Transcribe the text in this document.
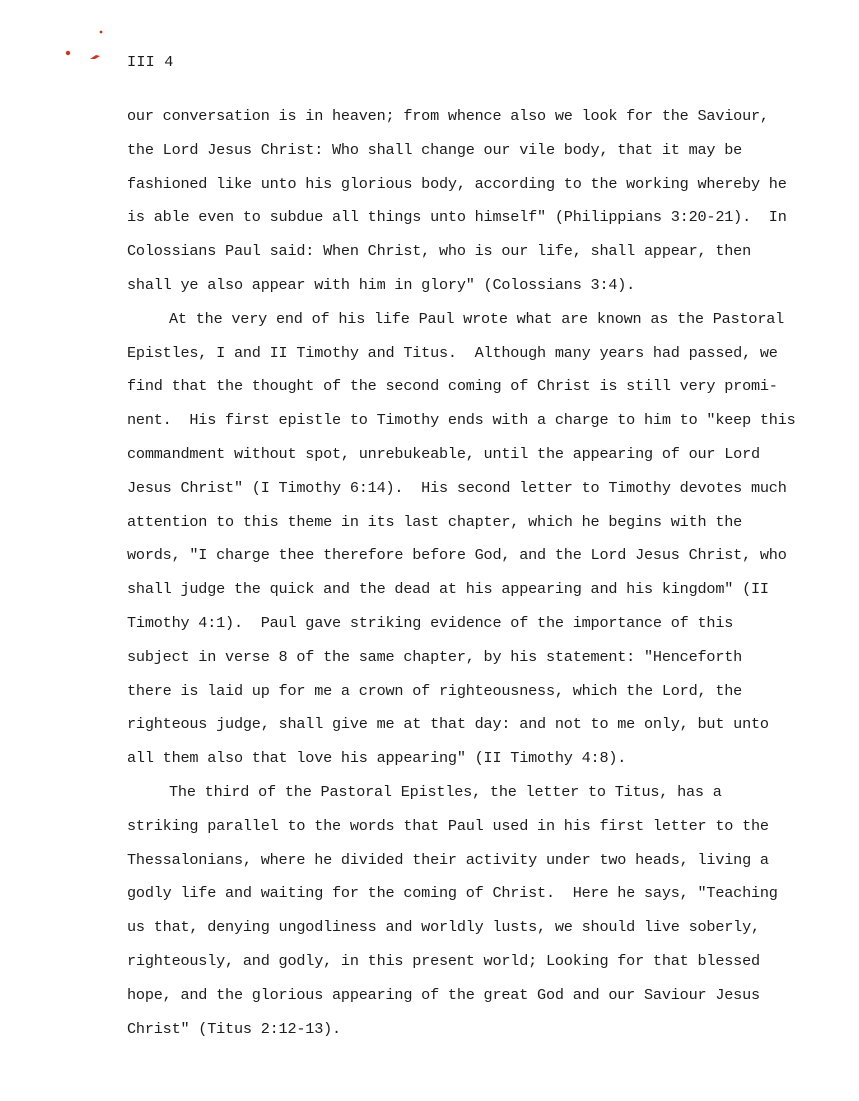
III 4
our conversation is in heaven; from whence also we look for the Saviour,
the Lord Jesus Christ: Who shall change our vile body, that it may be
fashioned like unto his glorious body, according to the working whereby he
is able even to subdue all things unto himself" (Philippians 3:20-21).  In
Colossians Paul said: When Christ, who is our life, shall appear, then
shall ye also appear with him in glory" (Colossians 3:4).
At the very end of his life Paul wrote what are known as the Pastoral
Epistles, I and II Timothy and Titus.  Although many years had passed, we
find that the thought of the second coming of Christ is still very promi-
nent.  His first epistle to Timothy ends with a charge to him to "keep this
commandment without spot, unrebukeable, until the appearing of our Lord
Jesus Christ" (I Timothy 6:14).  His second letter to Timothy devotes much
attention to this theme in its last chapter, which he begins with the
words, "I charge thee therefore before God, and the Lord Jesus Christ, who
shall judge the quick and the dead at his appearing and his kingdom" (II
Timothy 4:1).  Paul gave striking evidence of the importance of this
subject in verse 8 of the same chapter, by his statement: "Henceforth
there is laid up for me a crown of righteousness, which the Lord, the
righteous judge, shall give me at that day: and not to me only, but unto
all them also that love his appearing" (II Timothy 4:8).
The third of the Pastoral Epistles, the letter to Titus, has a
striking parallel to the words that Paul used in his first letter to the
Thessalonians, where he divided their activity under two heads, living a
godly life and waiting for the coming of Christ.  Here he says, "Teaching
us that, denying ungodliness and worldly lusts, we should live soberly,
righteously, and godly, in this present world; Looking for that blessed
hope, and the glorious appearing of the great God and our Saviour Jesus
Christ" (Titus 2:12-13).
